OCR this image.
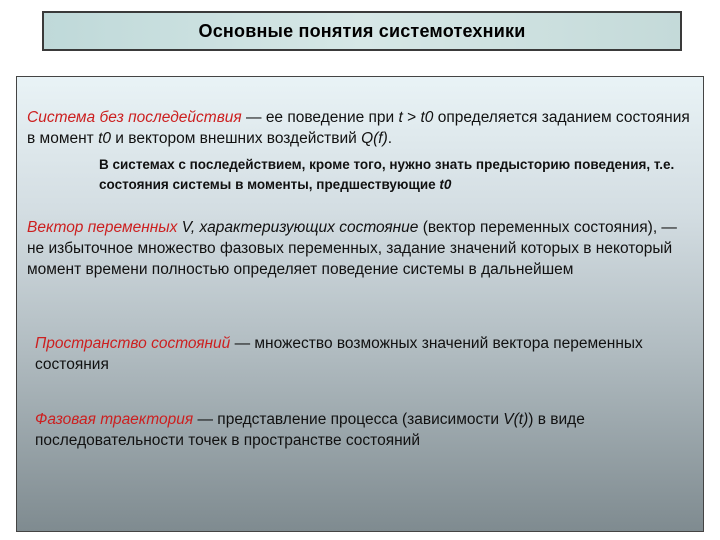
Основные понятия системотехники

Система без последействия — ее поведение при t > t0 определяется заданием состояния в момент t0 и вектором внешних воздействий Q(f).

В системах с последействием, кроме того, нужно знать предысторию поведения, т.е. состояния системы в моменты, предшествующие t0

Вектор переменных V, характеризующих состояние (вектор переменных состояния), — не избыточное множество фазовых переменных, задание значений которых в некоторый момент времени полностью определяет поведение системы в дальнейшем

Пространство состояний — множество возможных значений вектора переменных состояния

Фазовая траектория — представление процесса (зависимости V(t)) в виде последовательности точек в пространстве состояний
